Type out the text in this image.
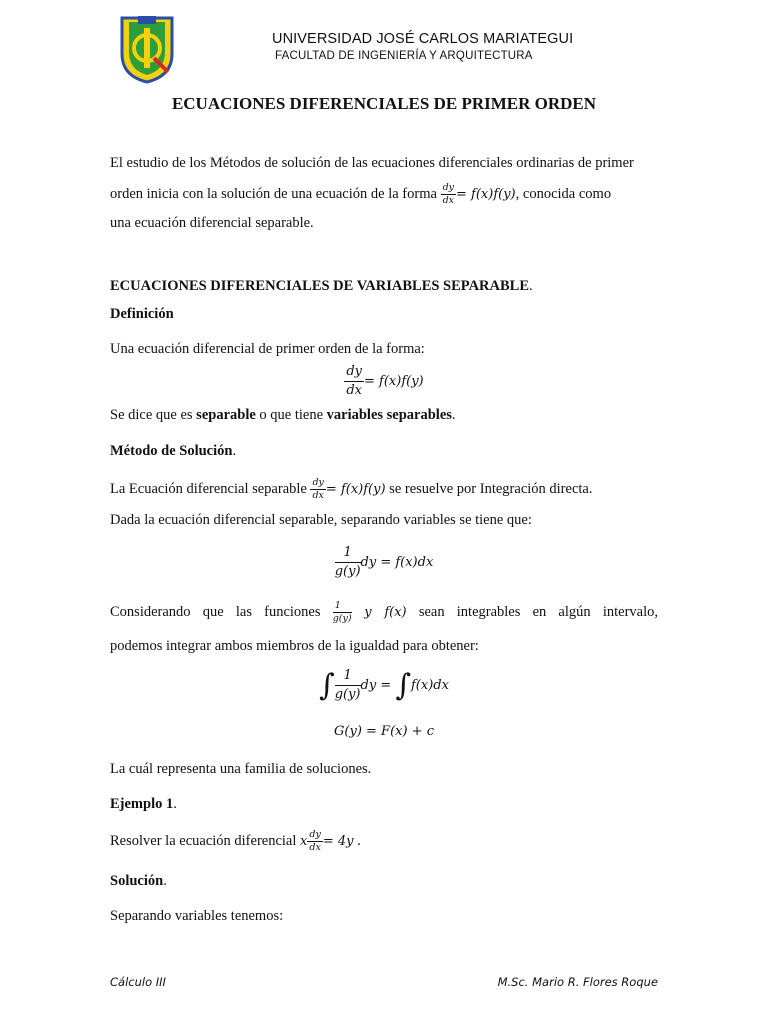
UNIVERSIDAD JOSÉ CARLOS MARIATEGUI
FACULTAD DE INGENIERÍA Y ARQUITECTURA
ECUACIONES DIFERENCIALES DE PRIMER ORDEN
El estudio de los Métodos de solución de las ecuaciones diferenciales ordinarias de primer
orden inicia con la solución de una ecuación de la forma $\frac{dy}{dx} = f(x)f(y)$, conocida como
una ecuación diferencial separable.
ECUACIONES DIFERENCIALES DE VARIABLES SEPARABLE.
Definición
Una ecuación diferencial de primer orden de la forma:
$\frac{dy}{dx} = f(x)f(y)$
Se dice que es separable o que tiene variables separables.
Método de Solución.
La Ecuación diferencial separable $\frac{dy}{dx} = f(x)f(y)$ se resuelve por Integración directa.
Dada la ecuación diferencial separable, separando variables se tiene que:
$\frac{1}{g(y)}$ dy = f(x)dx
Considerando que las funciones $\frac{1}{g(y)}$ y f(x) sean integrables en algún intervalo,
podemos integrar ambos miembros de la igualdad para obtener:
∫ $\frac{1}{g(y)}$ dy = ∫f(x)dx
G(y) = F(x) + c
La cuál representa una familia de soluciones.
Ejemplo 1.
Resolver la ecuación diferencial x $\frac{dy}{dx} = 4y$ .
Solución.
Separando variables tenemos:
Cálculo III	M.Sc. Mario R. Flores Roque
